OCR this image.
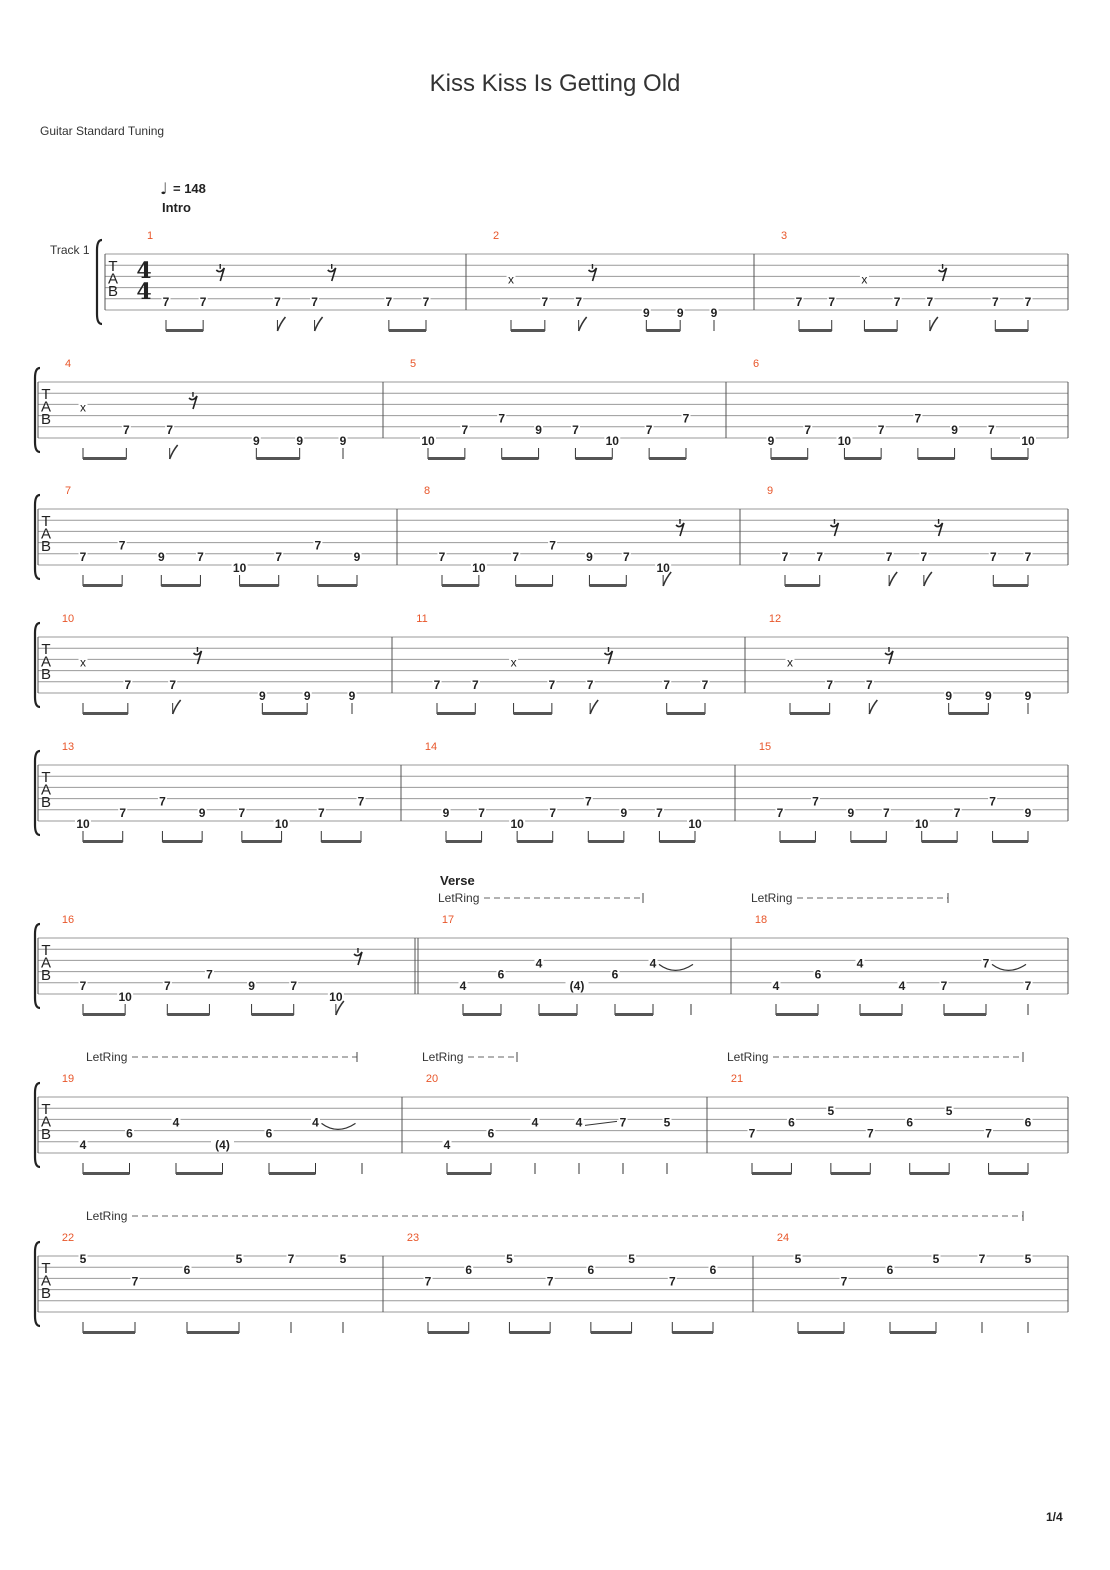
Kiss Kiss Is Getting Old
Guitar Standard Tuning
T
A
B
4
4
Track 1
♩ = 148
Intro
1
7	7	7	7	7	7
'	'
2
x
7 7
9 9 9
'
3
7 7
x
7 7	7 7
'
T
A
B
4
x
7	7
9	9	9
'
5
10
7
7
9	7
10
7
7
6
9
7
10
7
7
9	7
10
T
A
B
7
7
7
9	7
10
7
7
9
8
7
10
7
7
9	7
10
'
9
7 7	7 7	7 7
'	'
T
A
B
10
x
7	7
9	9	9
'
11
7	7
x
7	7	7	7
'
12
x
7	7
9	9	9
'
T
A
B
13
10
7
7
9	7
10
7
7
14
9 7
10
7
7
9 7
10
15
7
7
9 7
10
7
7
9
T
A
B
Verse
LetRing	LetRing
16
7
10
7
7
9	7
10
'
17
4
6
4
(4)
6
4
18
4
6
4
4	7
7
7
T
A
B
LetRing	LetRing	LetRing
19
4
6
4
(4)
6
4
20
4
6
4	4	7	5
21
7
6
5
7
6
5
7
6
T
A
B
LetRing
22
5
7
6
5	7	5
23
7
6
5
7
6
5
7
6
24
5
7
6
5	7	5
1/4
